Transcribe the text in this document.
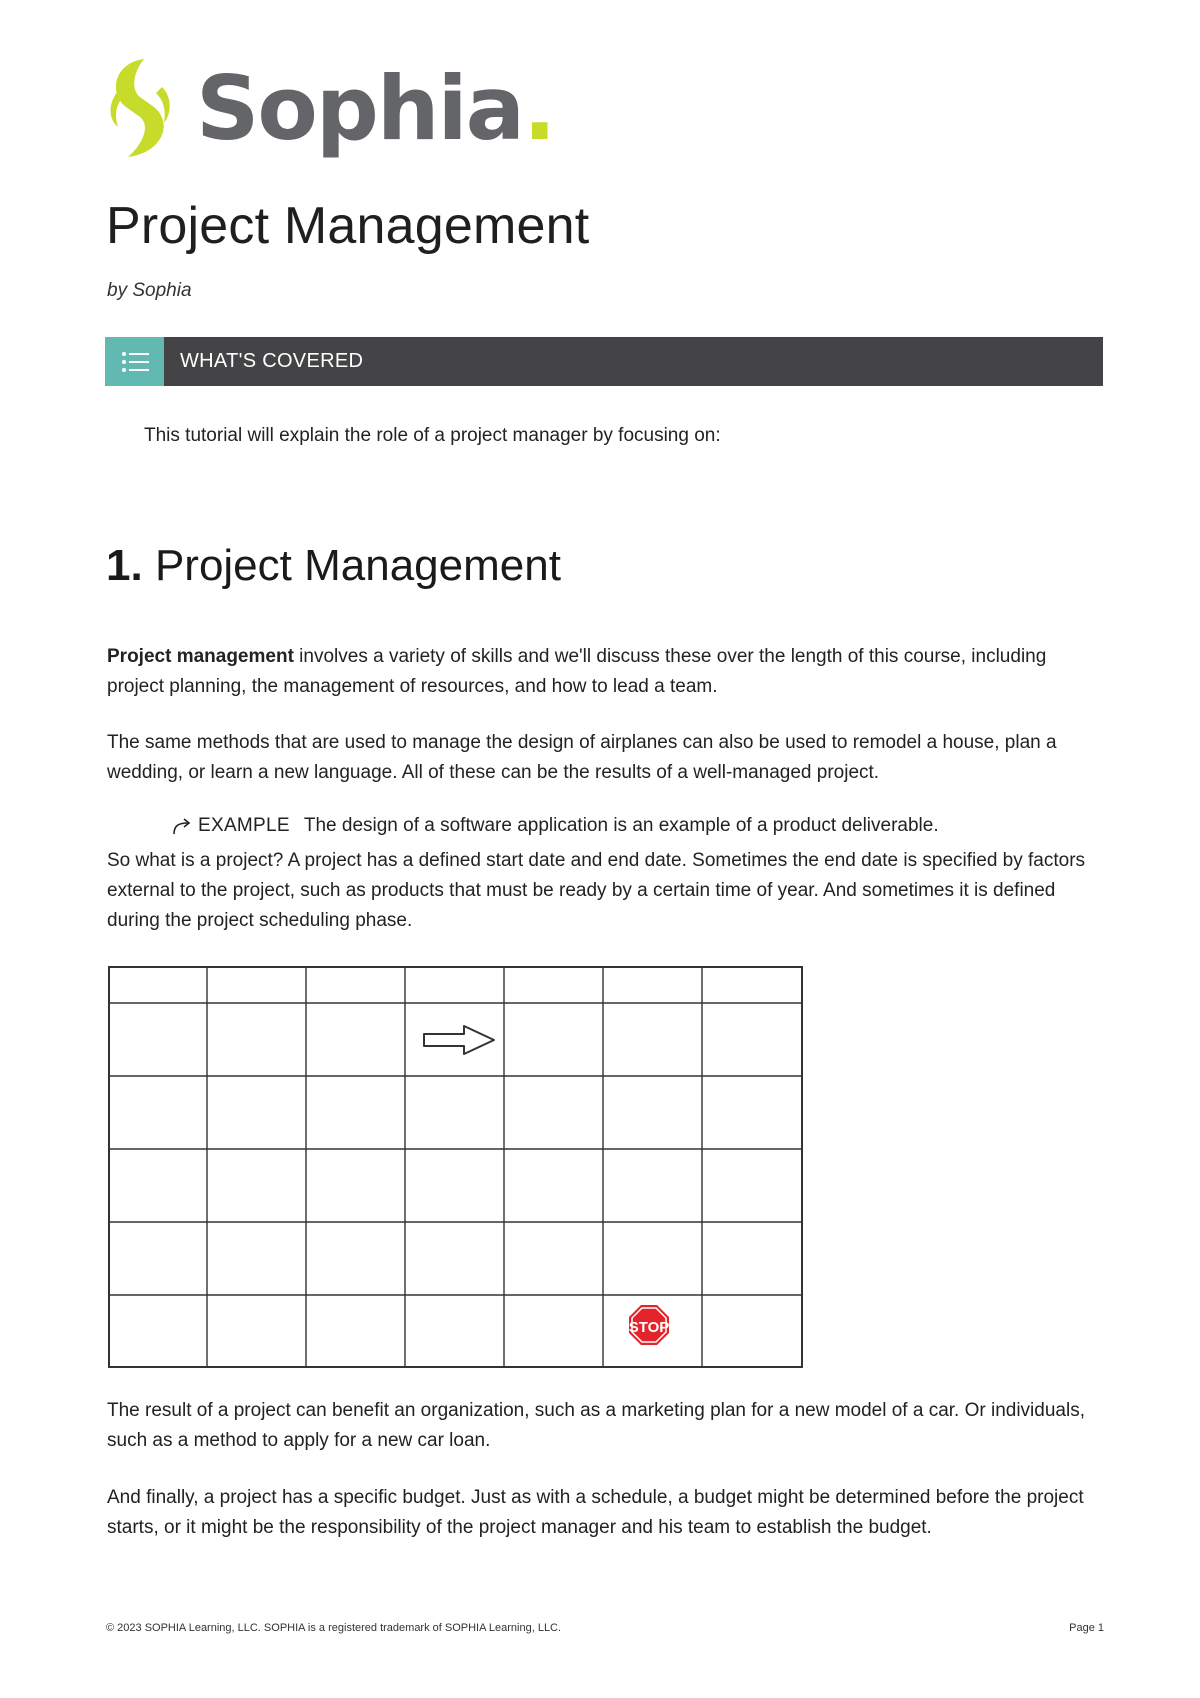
Sophia.
Project Management
by Sophia
WHAT'S COVERED
This tutorial will explain the role of a project manager by focusing on:
1. Project Management

Project management involves a variety of skills and we'll discuss these over the length of this course, including project planning, the management of resources, and how to lead a team.

The same methods that are used to manage the design of airplanes can also be used to remodel a house, plan a wedding, or learn a new language. All of these can be the results of a well-managed project.

EXAMPLE The design of a software application is an example of a product deliverable.

So what is a project? A project has a defined start date and end date. Sometimes the end date is specified by factors external to the project, such as products that must be ready by a certain time of year. And sometimes it is defined during the project scheduling phase.

STOP

The result of a project can benefit an organization, such as a marketing plan for a new model of a car. Or individuals, such as a method to apply for a new car loan.

And finally, a project has a specific budget. Just as with a schedule, a budget might be determined before the project starts, or it might be the responsibility of the project manager and his team to establish the budget.

© 2023 SOPHIA Learning, LLC. SOPHIA is a registered trademark of SOPHIA Learning, LLC.	Page 1
